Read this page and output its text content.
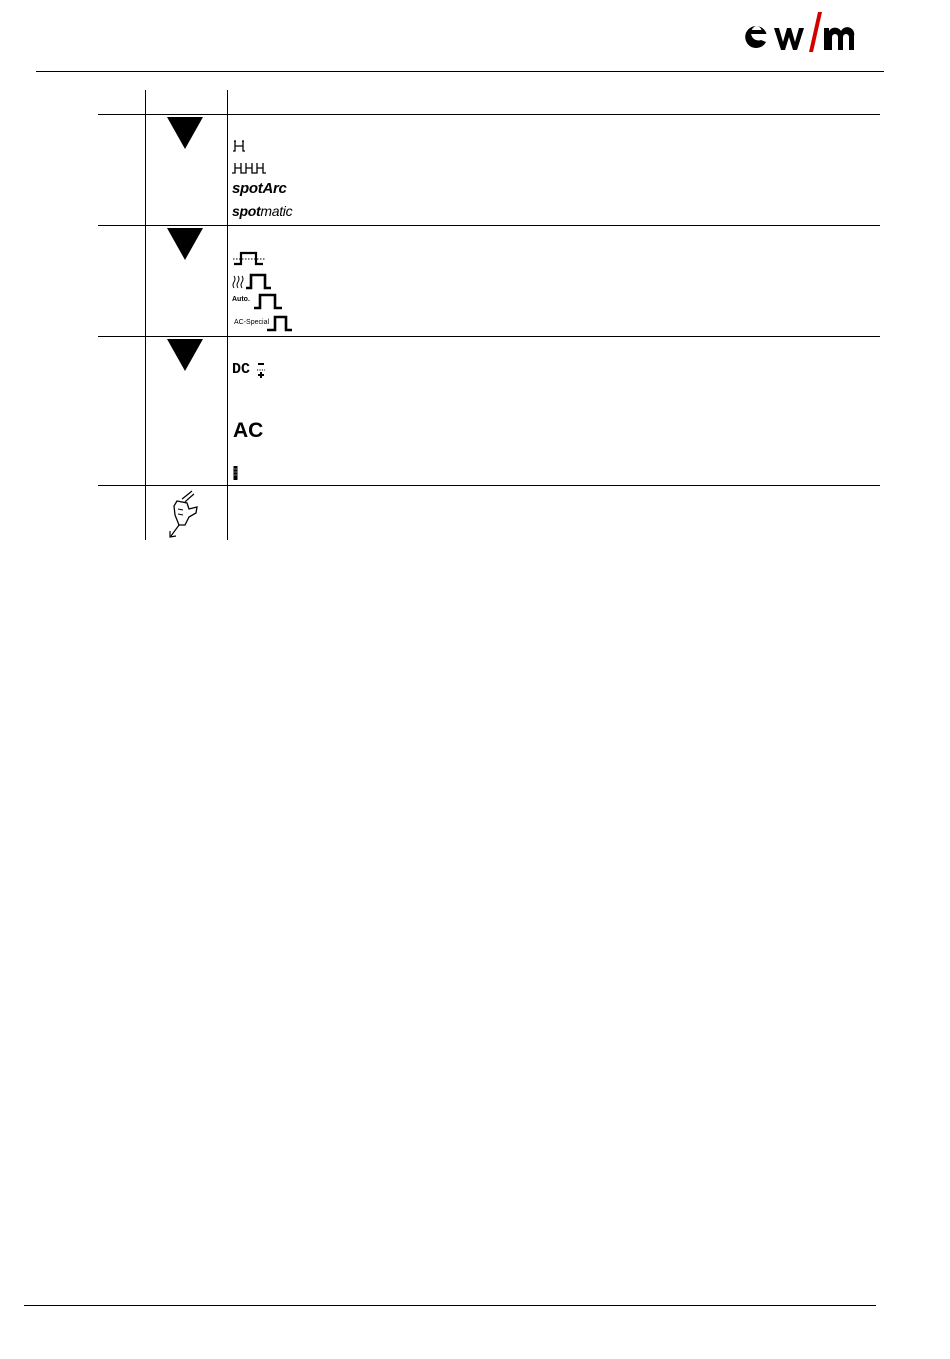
spotArc
spotmatic
Auto.
AC-Special
DC
AC
